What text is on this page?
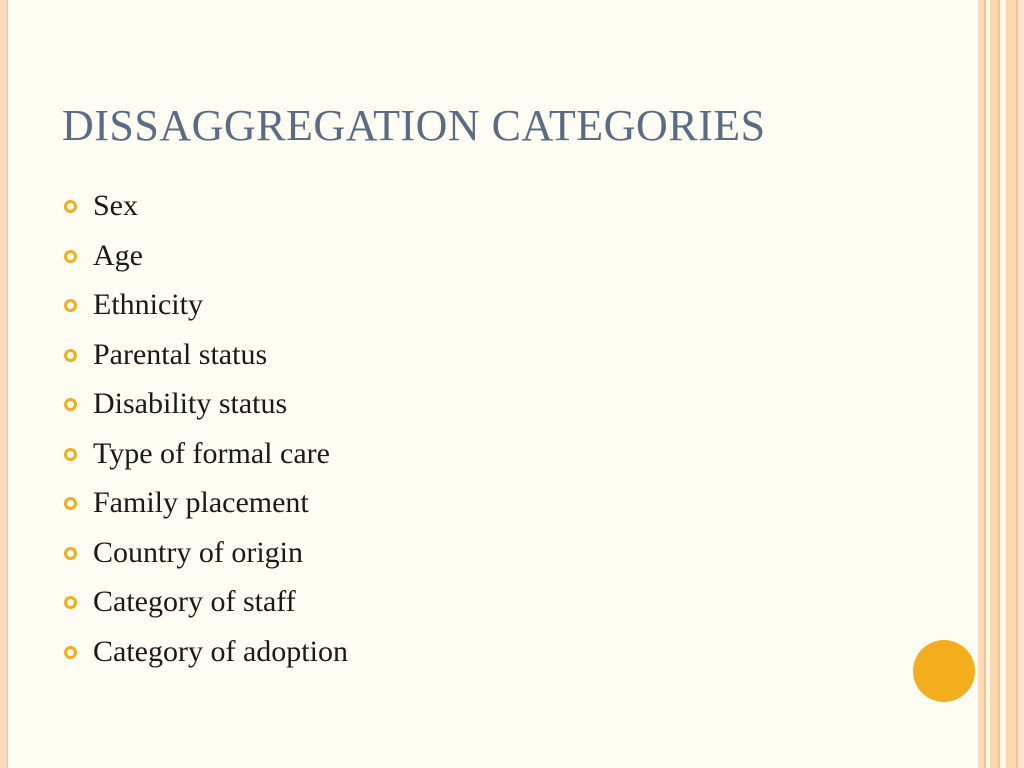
DISSAGGREGATION CATEGORIES
Sex
Age
Ethnicity
Parental status
Disability status
Type of formal care
Family placement
Country of origin
Category of staff
Category of adoption
